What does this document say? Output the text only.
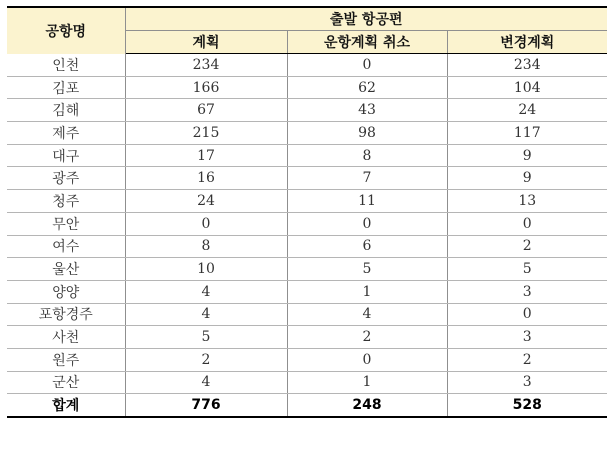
공항명	출발 항공편		
	계획	운항계획 취소	변경계획
인천	234	0	234
김포	166	62	104
김해	67	43	24
제주	215	98	117
대구	17	8	9
광주	16	7	9
청주	24	11	13
무안	0	0	0
여수	8	6	2
울산	10	5	5
양양	4	1	3
포항경주	4	4	0
사천	5	2	3
원주	2	0	2
군산	4	1	3
합계	776	248	528
